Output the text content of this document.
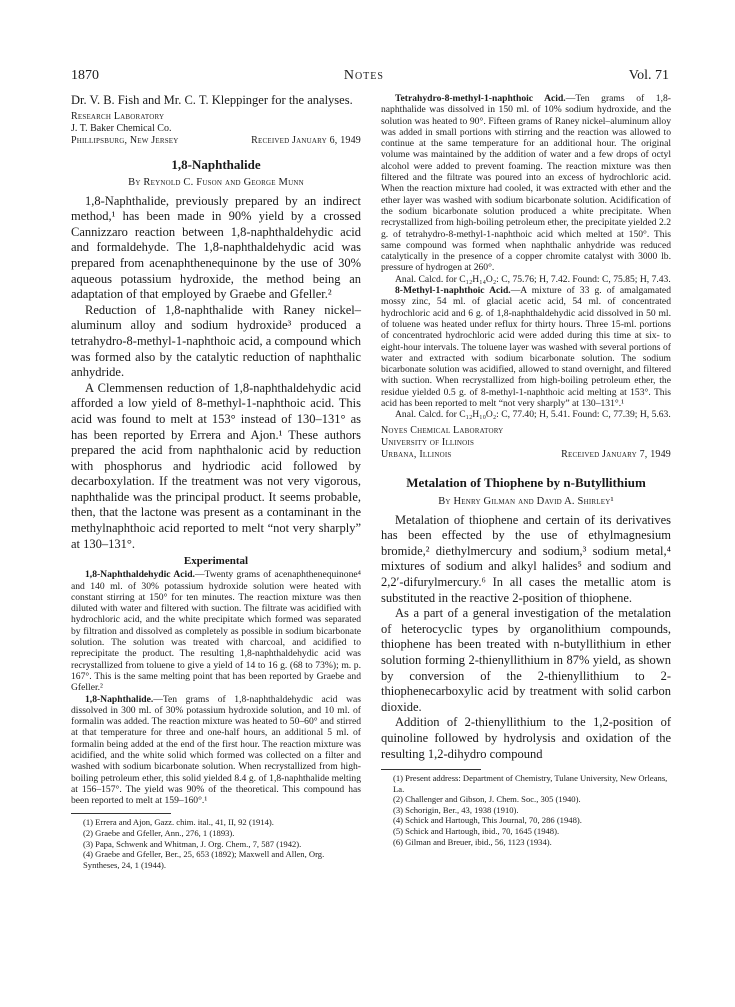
1870	Notes	Vol. 71

Dr. V. B. Fish and Mr. C. T. Kleppinger for the analyses.

Research Laboratory
J. T. Baker Chemical Co.
Phillipsburg, New Jersey	Received January 6, 1949
1,8-Naphthalide
By Reynold C. Fuson and George Munn

1,8-Naphthalide, previously prepared by an indirect method,¹ has been made in 90% yield by a crossed Cannizzaro reaction between 1,8-naphthaldehydic acid and formaldehyde. The 1,8-naphthaldehydic acid was prepared from acenaphthenequinone by the use of 30% aqueous potassium hydroxide, the method being an adaptation of that employed by Graebe and Gfeller.²

Reduction of 1,8-naphthalide with Raney nickel–aluminum alloy and sodium hydroxide³ produced a tetrahydro-8-methyl-1-naphthoic acid, a compound which was formed also by the catalytic reduction of naphthalic anhydride.

A Clemmensen reduction of 1,8-naphthaldehydic acid afforded a low yield of 8-methyl-1-naphthoic acid. This acid was found to melt at 153° instead of 130–131° as has been reported by Errera and Ajon.¹ These authors prepared the acid from naphthalonic acid by reduction with phosphorus and hydriodic acid followed by decarboxylation. If the treatment was not very vigorous, naphthalide was the principal product. It seems probable, then, that the lactone was present as a contaminant in the methylnaphthoic acid reported to melt “not very sharply” at 130–131°.

Experimental

1,8-Naphthaldehydic Acid.—Twenty grams of acenaphthenequinone⁴ and 140 ml. of 30% potassium hydroxide solution were heated with constant stirring at 150° for ten minutes. The reaction mixture was then diluted with water and filtered with suction. The filtrate was acidified with hydrochloric acid, and the white precipitate which formed was separated by filtration and dissolved as completely as possible in sodium bicarbonate solution. The solution was treated with charcoal, and acidified to reprecipitate the product. The resulting 1,8-naphthaldehydic acid was recrystallized from toluene to give a yield of 14 to 16 g. (68 to 73%); m. p. 167°. This is the same melting point that has been reported by Graebe and Gfeller.²

1,8-Naphthalide.—Ten grams of 1,8-naphthaldehydic acid was dissolved in 300 ml. of 30% potassium hydroxide solution, and 10 ml. of formalin was added. The reaction mixture was heated to 50–60° and stirred at that temperature for three and one-half hours, an additional 5 ml. of formalin being added at the end of the first hour. The reaction mixture was acidified, and the white solid which formed was collected on a filter and washed with sodium bicarbonate solution. When recrystallized from high-boiling petroleum ether, this solid yielded 8.4 g. of 1,8-naphthalide melting at 156–157°. The yield was 90% of the theoretical. This compound has been reported to melt at 159–160°.¹

(1) Errera and Ajon, Gazz. chim. ital., 41, II, 92 (1914).

(2) Graebe and Gfeller, Ann., 276, 1 (1893).

(3) Papa, Schwenk and Whitman, J. Org. Chem., 7, 587 (1942).

(4) Graebe and Gfeller, Ber., 25, 653 (1892); Maxwell and Allen, Org. Syntheses, 24, 1 (1944).

Tetrahydro-8-methyl-1-naphthoic Acid.—Ten grams of 1,8-naphthalide was dissolved in 150 ml. of 10% sodium hydroxide, and the solution was heated to 90°. Fifteen grams of Raney nickel–aluminum alloy was added in small portions with stirring and the reaction was allowed to continue at the same temperature for an additional hour. The original volume was maintained by the addition of water and a few drops of octyl alcohol were added to prevent foaming. The reaction mixture was then filtered and the filtrate was poured into an excess of hydrochloric acid. When the reaction mixture had cooled, it was extracted with ether and the ether layer was washed with sodium bicarbonate solution. Acidification of the sodium bicarbonate solution produced a white precipitate. When recrystallized from high-boiling petroleum ether, the precipitate yielded 2.2 g. of tetrahydro-8-methyl-1-naphthoic acid which melted at 150°. This same compound was formed when naphthalic anhydride was reduced catalytically in the presence of a copper chromite catalyst with 3000 lb. pressure of hydrogen at 260°.

Anal. Calcd. for C₁₂H₁₄O₂: C, 75.76; H, 7.42. Found: C, 75.85; H, 7.43.

8-Methyl-1-naphthoic Acid.—A mixture of 33 g. of amalgamated mossy zinc, 54 ml. of glacial acetic acid, 54 ml. of concentrated hydrochloric acid and 6 g. of 1,8-naphthaldehydic acid dissolved in 50 ml. of toluene was heated under reflux for thirty hours. Three 15-ml. portions of concentrated hydrochloric acid were added during this time at six- to eight-hour intervals. The toluene layer was washed with several portions of water and extracted with sodium bicarbonate solution. The sodium bicarbonate solution was acidified, allowed to stand overnight, and filtered with suction. When recrystallized from high-boiling petroleum ether, the residue yielded 0.5 g. of 8-methyl-1-naphthoic acid melting at 153°. This acid has been reported to melt “not very sharply” at 130–131°.¹

Anal. Calcd. for C₁₂H₁₀O₂: C, 77.40; H, 5.41. Found: C, 77.39; H, 5.63.

Noyes Chemical Laboratory
University of Illinois
Urbana, Illinois	Received January 7, 1949
Metalation of Thiophene by n-Butyllithium
By Henry Gilman and David A. Shirley¹

Metalation of thiophene and certain of its derivatives has been effected by the use of ethylmagnesium bromide,² diethylmercury and sodium,³ sodium metal,⁴ mixtures of sodium and alkyl halides⁵ and sodium and 2,2′-difurylmercury.⁶ In all cases the metallic atom is substituted in the reactive 2-position of thiophene.

As a part of a general investigation of the metalation of heterocyclic types by organolithium compounds, thiophene has been treated with n-butyllithium in ether solution forming 2-thienyllithium in 87% yield, as shown by conversion of the 2-thienyllithium to 2-thiophenecarboxylic acid by treatment with solid carbon dioxide.

Addition of 2-thienyllithium to the 1,2-position of quinoline followed by hydrolysis and oxidation of the resulting 1,2-dihydro compound

(1) Present address: Department of Chemistry, Tulane University, New Orleans, La.

(2) Challenger and Gibson, J. Chem. Soc., 305 (1940).

(3) Schorigin, Ber., 43, 1938 (1910).

(4) Schick and Hartough, This Journal, 70, 286 (1948).

(5) Schick and Hartough, ibid., 70, 1645 (1948).

(6) Gilman and Breuer, ibid., 56, 1123 (1934).
